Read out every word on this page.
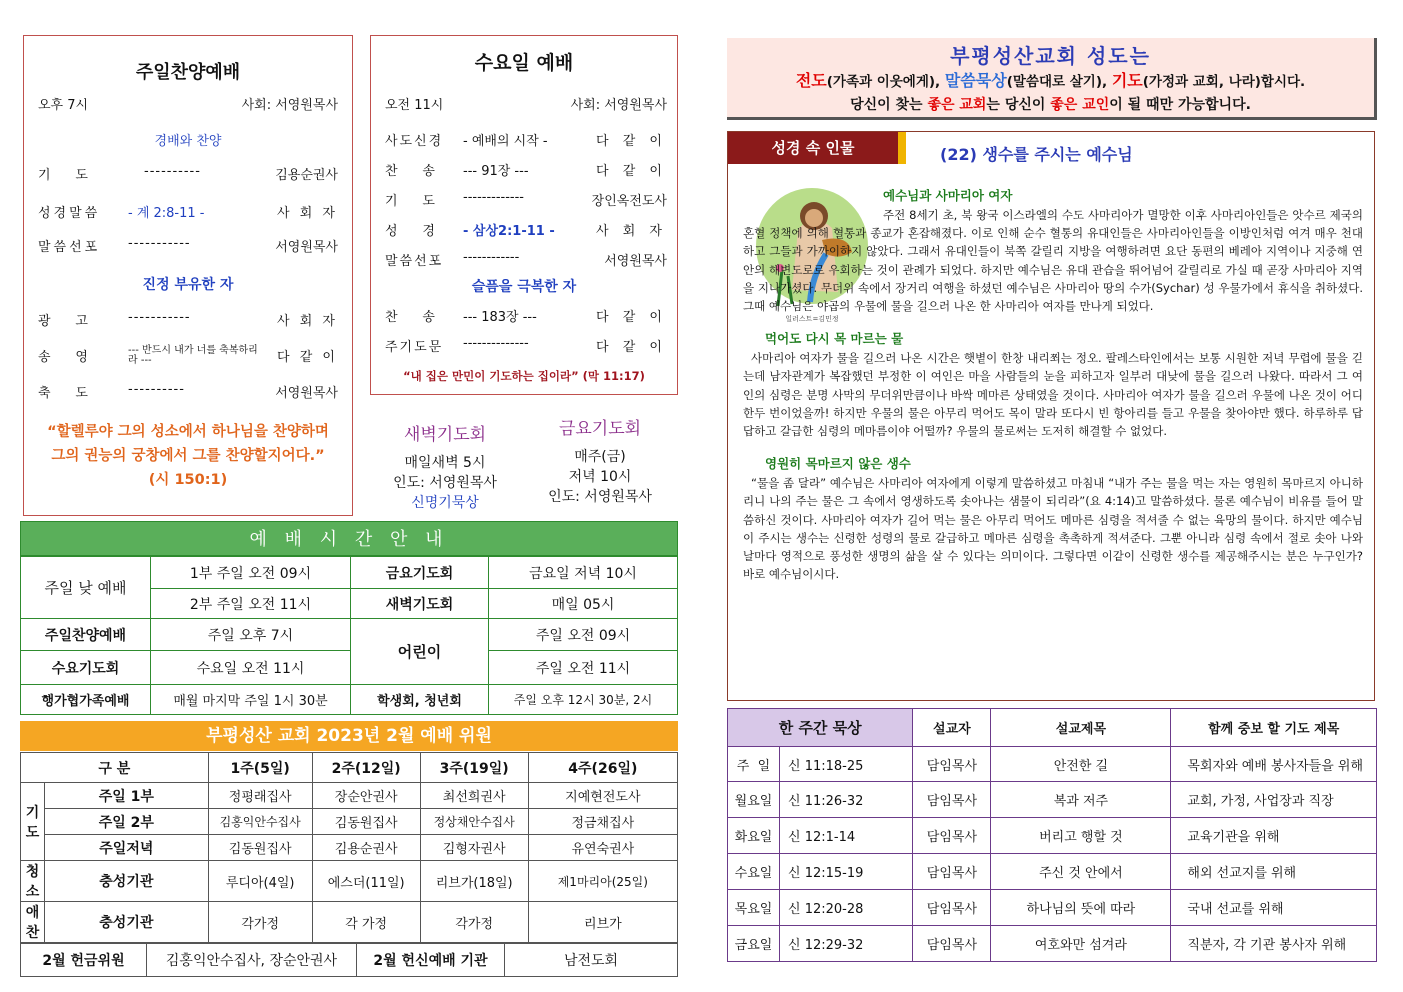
주일찬양예배
오후 7시	사회: 서영원목사
경배와 찬양
기      도	----------	김용순권사
성경말씀 - 계 2:8-11 -	사 회 자
말씀선포 -----------	서영원목사
진정 부유한 자
광      고	-----------	사 회 자
송      영	--- 반드시 내가 너를 축복하리라 ---	다 같 이
축      도	----------	서영원목사
“할렐루야 그의 성소에서 하나님을 찬양하며 그의 권능의 궁창에서 그를 찬양할지어다.” (시 150:1)
수요일 예배
오전 11시	사회: 서영원목사
사도신경 - 예배의 시작 -	다 같 이
찬      송 --- 91장 ---	다 같 이
기      도 -------------	장인옥전도사
성      경 - 삼상2:1-11 -	사 회 자
말씀선포 ------------	서영원목사
슬픔을 극복한 자
찬      송 --- 183장 ---	다 같 이
주기도문 --------------	다 같 이
“내 집은 만민이 기도하는 집이라” (막 11:17)
새벽기도회
매일새벽 5시
인도: 서영원목사
신명기묵상
금요기도회
매주(금)
저녁 10시
인도: 서영원목사
예 배 시 간 안 내
주일 낮 예배	1부 주일 오전 09시	금요기도회	금요일 저녁 10시
	2부 주일 오전 11시	새벽기도회	매일 05시
주일찬양예배	주일 오후 7시	어린이	주일 오전 09시
수요기도회	수요일 오전 11시		주일 오전 11시
행가협가족예배	매월 마지막 주일 1시 30분	학생회, 청년회	주일 오후 12시 30분, 2시
부평성산 교회 2023년 2월 예배 위원
구 분		1주(5일)	2주(12일)	3주(19일)	4주(26일)
기도	주일 1부	정평래집사	장순안권사	최선희권사	지예현전도사
	주일 2부	김홍익안수집사	김동원집사	정상채안수집사	정금채집사
	주일저녁	김동원집사	김용순권사	김형자권사	유연숙권사
청소	충성기관	루디아(4일)	에스더(11일)	리브가(18일)	제1마리아(25일)
애찬	충성기관	각가정	각 가정	각가정	리브가
2월 헌금위원	김홍익안수집사, 장순안권사	2월 헌신예배 기관	남전도회
부평성산교회 성도는
전도(가족과 이웃에게), 말씀묵상(말씀대로 살기), 기도(가정과 교회, 나라)합시다.
당신이 찾는 좋은 교회는 당신이 좋은 교인이 될 때만 가능합니다.
성경 속 인물	(22) 생수를 주시는 예수님
일러스트=김민정
예수님과 사마리아 여자

주전 8세기 초, 북 왕국 이스라엘의 수도 사마리아가 멸망한 이후 사마리아인들은 앗수르 제국의 혼혈 정책에 의해 혈통과 종교가 혼잡해졌다. 이로 인해 순수 혈통의 유대인들은 사마리아인들을 이방인처럼 여겨 매우 천대하고 그들과 가까이하지 않았다. 그래서 유대인들이 북쪽 갈릴리 지방을 여행하려면 요단 동편의 베레아 지역이나 지중해 연안의 해변도로로 우회하는 것이 관례가 되었다. 하지만 예수님은 유대 관습을 뛰어넘어 갈릴리로 가실 때 곧장 사마리아 지역을 지나가셨다. 무더위 속에서 장거리 여행을 하셨던 예수님은 사마리아 땅의 수가(Sychar) 성 우물가에서 휴식을 취하셨다. 그때 예수님은 야곱의 우물에 물을 길으러 나온 한 사마리아 여자를 만나게 되었다.

먹어도 다시 목 마르는 물

사마리아 여자가 물을 길으러 나온 시간은 햇볕이 한창 내리쬐는 정오. 팔레스타인에서는 보통 시원한 저녁 무렵에 물을 긷는데 남자관계가 복잡했던 부정한 이 여인은 마을 사람들의 눈을 피하고자 일부러 대낮에 물을 길으러 나왔다. 따라서 그 여인의 심령은 분명 사막의 무더위만큼이나 바싹 메마른 상태였을 것이다. 사마리아 여자가 물을 길으러 우물에 나온 것이 어디 한두 번이었을까! 하지만 우물의 물은 아무리 먹어도 목이 말라 또다시 빈 항아리를 들고 우물을 찾아야만 했다. 하루하루 답답하고 갈급한 심령의 메마름이야 어떨까? 우물의 물로써는 도저히 해결할 수 없었다.

영원히 목마르지 않은 생수

“물을 좀 달라” 예수님은 사마리아 여자에게 이렇게 말씀하셨고 마침내 “내가 주는 물을 먹는 자는 영원히 목마르지 아니하리니 나의 주는 물은 그 속에서 영생하도록 솟아나는 샘물이 되리라”(요 4:14)고 말씀하셨다. 물론 예수님이 비유를 들어 말씀하신 것이다. 사마리아 여자가 길어 먹는 물은 아무리 먹어도 메마른 심령을 적셔줄 수 없는 육망의 물이다. 하지만 예수님이 주시는 생수는 신령한 성령의 물로 갈급하고 메마른 심령을 촉촉하게 적셔준다. 그뿐 아니라 심령 속에서 절로 솟아 나와 날마다 영적으로 풍성한 생명의 삶을 살 수 있다는 의미이다. 그렇다면 이같이 신령한 생수를 제공해주시는 분은 누구인가? 바로 예수님이시다.

한 주간 묵상		설교자	설교제목	함께 중보 할 기도 제목
주  일	신 11:18-25	담임목사	안전한 길	목회자와 예배 봉사자들을 위해
월요일	신 11:26-32	담임목사	복과 저주	교회, 가정, 사업장과 직장
화요일	신 12:1-14	담임목사	버리고 행할 것	교육기관을 위해
수요일	신 12:15-19	담임목사	주신 것 안에서	해외 선교지를 위해
목요일	신 12:20-28	담임목사	하나님의 뜻에 따라	국내 선교를 위해
금요일	신 12:29-32	담임목사	여호와만 섬겨라	직분자, 각 기관 봉사자 위해
